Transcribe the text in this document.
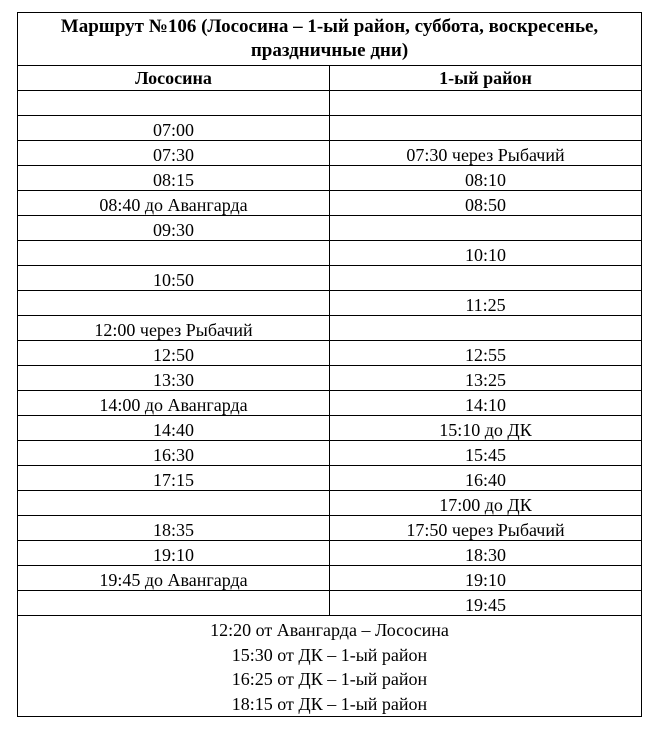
Маршрут №106 (Лососина – 1-ый район, суббота, воскресенье, праздничные дни)	
Лососина	1-ый район

07:00	
07:30	07:30 через Рыбачий
08:15	08:10
08:40 до Авангарда	08:50
09:30	
	10:10
10:50	
	11:25
12:00 через Рыбачий	
12:50	12:55
13:30	13:25
14:00 до Авангарда	14:10
14:40	15:10 до ДК
16:30	15:45
17:15	16:40
	17:00 до ДК
18:35	17:50 через Рыбачий
19:10	18:30
19:45 до Авангарда	19:10
	19:45

12:20 от Авангарда – Лососина
15:30 от ДК – 1-ый район
16:25 от ДК – 1-ый район
18:15 от ДК – 1-ый район	
